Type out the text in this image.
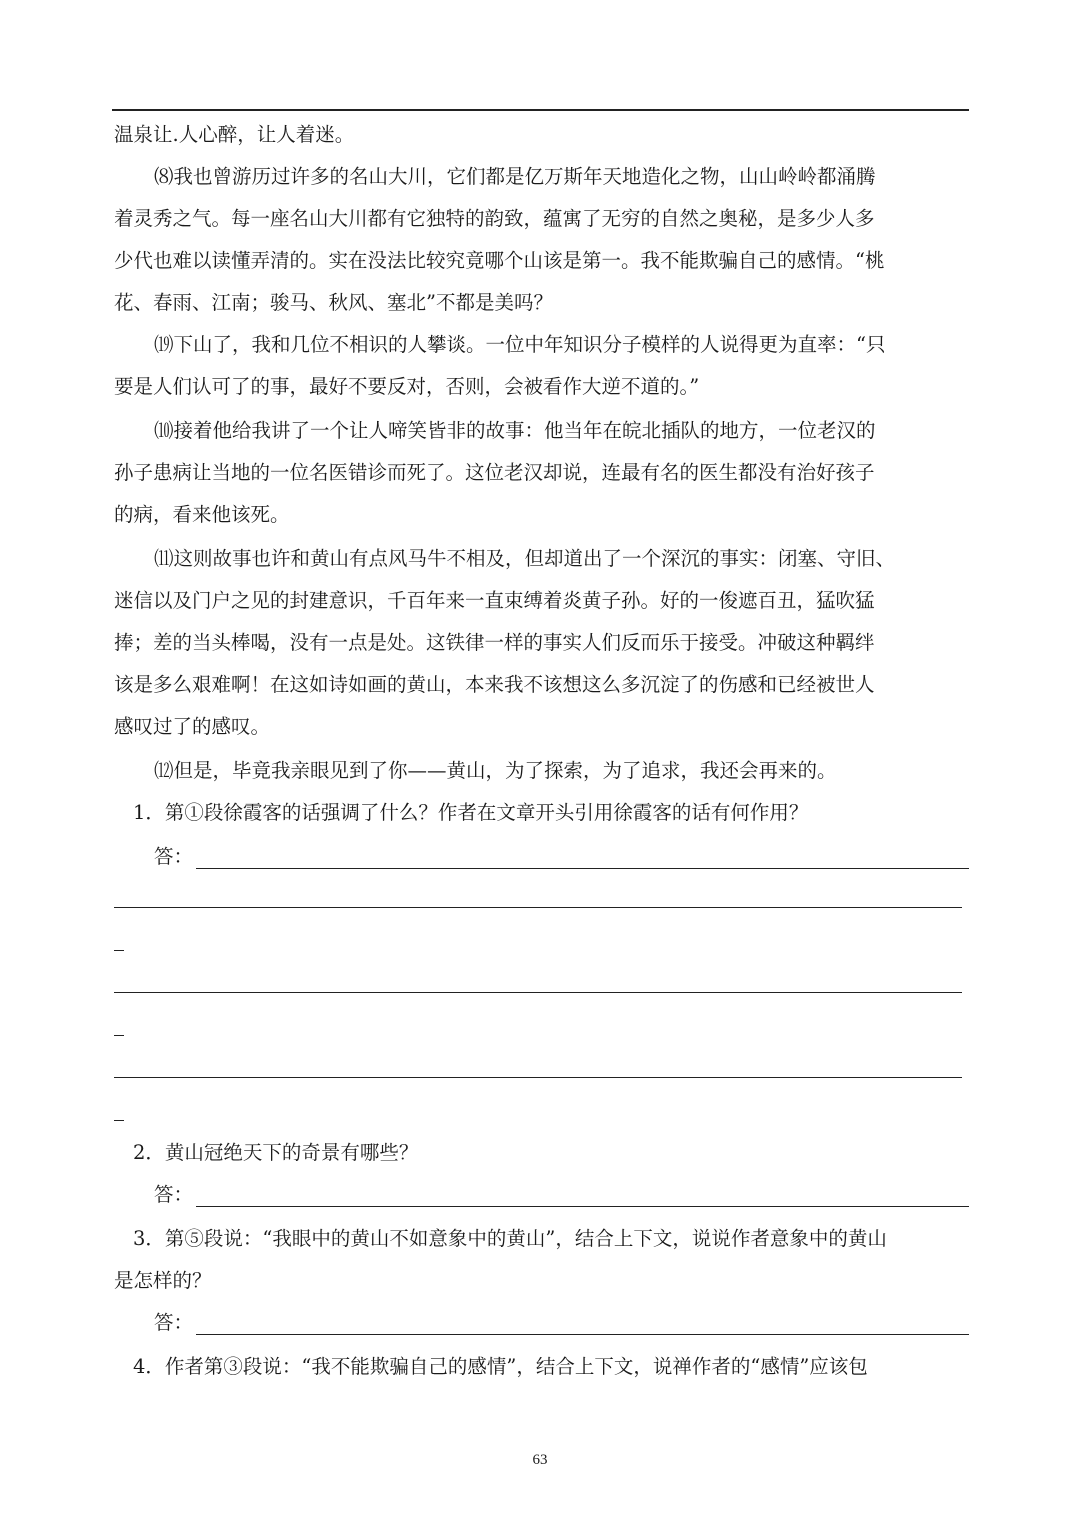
温泉让.人心醉，让人着迷。
⑻我也曾游历过许多的名山大川，它们都是亿万斯年天地造化之物，山山岭岭都涌腾
着灵秀之气。每一座名山大川都有它独特的韵致，蕴寓了无穷的自然之奥秘，是多少人多
少代也难以读懂弄清的。实在没法比较究竟哪个山该是第一。我不能欺骗自己的感情。“桃
花、春雨、江南；骏马、秋风、塞北”不都是美吗？
⒆下山了，我和几位不相识的人攀谈。一位中年知识分子模样的人说得更为直率：“只
要是人们认可了的事，最好不要反对，否则，会被看作大逆不道的。”
⑽接着他给我讲了一个让人啼笑皆非的故事：他当年在皖北插队的地方，一位老汉的
孙子患病让当地的一位名医错诊而死了。这位老汉却说，连最有名的医生都没有治好孩子
的病，看来他该死。
⑾这则故事也许和黄山有点风马牛不相及，但却道出了一个深沉的事实：闭塞、守旧、
迷信以及门户之见的封建意识，千百年来一直束缚着炎黄子孙。好的一俊遮百丑，猛吹猛
捧；差的当头棒喝，没有一点是处。这铁律一样的事实人们反而乐于接受。冲破这种羁绊
该是多么艰难啊！在这如诗如画的黄山，本来我不该想这么多沉淀了的伤感和已经被世人
感叹过了的感叹。
⑿但是，毕竟我亲眼见到了你——黄山，为了探索，为了追求，我还会再来的。
1．第①段徐霞客的话强调了什么？作者在文章开头引用徐霞客的话有何作用？
答：
2．黄山冠绝天下的奇景有哪些？
答：
3．第⑤段说：“我眼中的黄山不如意象中的黄山”，结合上下文，说说作者意象中的黄山
是怎样的？
答：
4．作者第③段说：“我不能欺骗自己的感情”，结合上下文，说禅作者的“感情”应该包
63
